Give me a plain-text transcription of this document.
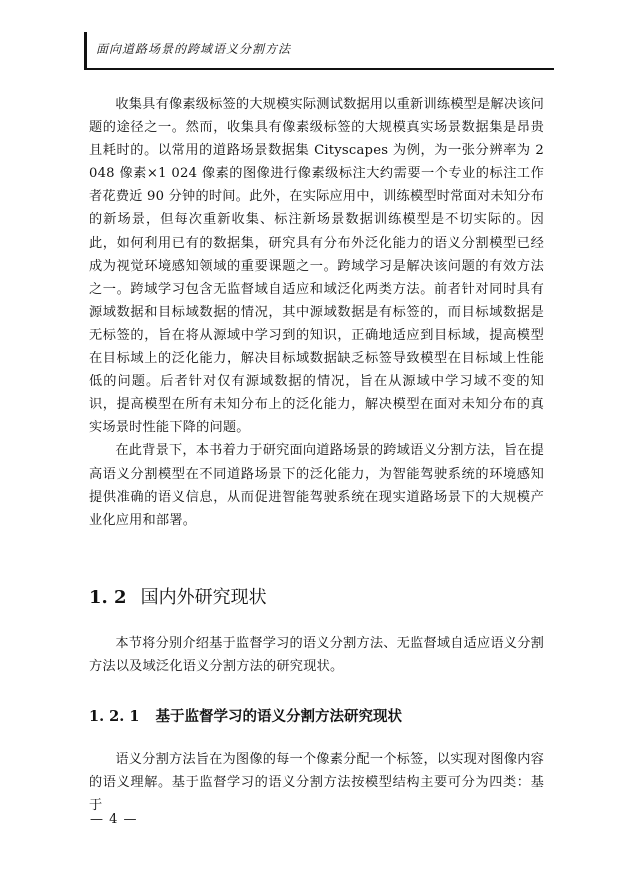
面向道路场景的跨域语义分割方法

收集具有像素级标签的大规模实际测试数据用以重新训练模型是解决该问题的途径之一。然而，收集具有像素级标签的大规模真实场景数据集是昂贵且耗时的。以常用的道路场景数据集 Cityscapes 为例，为一张分辨率为 2 048 像素×1 024 像素的图像进行像素级标注大约需要一个专业的标注工作者花费近 90 分钟的时间。此外，在实际应用中，训练模型时常面对未知分布的新场景，但每次重新收集、标注新场景数据训练模型是不切实际的。因此，如何利用已有的数据集，研究具有分布外泛化能力的语义分割模型已经成为视觉环境感知领域的重要课题之一。跨域学习是解决该问题的有效方法之一。跨域学习包含无监督域自适应和域泛化两类方法。前者针对同时具有源域数据和目标域数据的情况，其中源域数据是有标签的，而目标域数据是无标签的，旨在将从源域中学习到的知识，正确地适应到目标域，提高模型在目标域上的泛化能力，解决目标域数据缺乏标签导致模型在目标域上性能低的问题。后者针对仅有源域数据的情况，旨在从源域中学习域不变的知识，提高模型在所有未知分布上的泛化能力，解决模型在面对未知分布的真实场景时性能下降的问题。

在此背景下，本书着力于研究面向道路场景的跨域语义分割方法，旨在提高语义分割模型在不同道路场景下的泛化能力，为智能驾驶系统的环境感知提供准确的语义信息，从而促进智能驾驶系统在现实道路场景下的大规模产业化应用和部署。

1. 2 国内外研究现状

本节将分别介绍基于监督学习的语义分割方法、无监督域自适应语义分割方法以及域泛化语义分割方法的研究现状。

1. 2. 1 基于监督学习的语义分割方法研究现状

语义分割方法旨在为图像的每一个像素分配一个标签，以实现对图像内容的语义理解。基于监督学习的语义分割方法按模型结构主要可分为四类：基于

— 4 —
